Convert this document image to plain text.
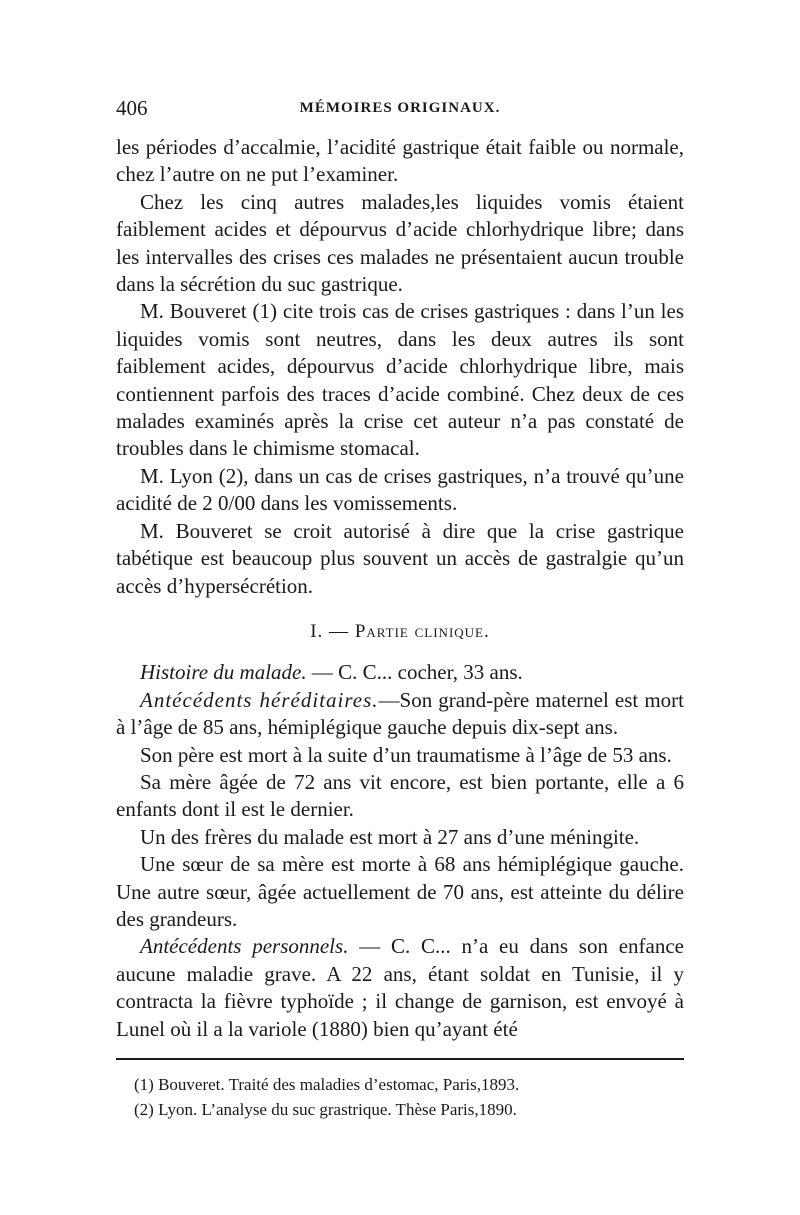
406	MÉMOIRES ORIGINAUX.

les périodes d’accalmie, l’acidité gastrique était faible ou normale, chez l’autre on ne put l’examiner.

Chez les cinq autres malades,les liquides vomis étaient faiblement acides et dépourvus d’acide chlorhydrique libre; dans les intervalles des crises ces malades ne présentaient aucun trouble dans la sécrétion du suc gastrique.

M. Bouveret (1) cite trois cas de crises gastriques : dans l’un les liquides vomis sont neutres, dans les deux autres ils sont faiblement acides, dépourvus d’acide chlorhydrique libre, mais contiennent parfois des traces d’acide combiné. Chez deux de ces malades examinés après la crise cet auteur n’a pas constaté de troubles dans le chimisme stomacal.

M. Lyon (2), dans un cas de crises gastriques, n’a trouvé qu’une acidité de 2 0/00 dans les vomissements.

M. Bouveret se croit autorisé à dire que la crise gastrique tabétique est beaucoup plus souvent un accès de gastralgie qu’un accès d’hypersécrétion.

I. — Partie clinique.

Histoire du malade. — C. C... cocher, 33 ans.

Antécédents héréditaires.—Son grand-père maternel est mort à l’âge de 85 ans, hémiplégique gauche depuis dix-sept ans.

Son père est mort à la suite d’un traumatisme à l’âge de 53 ans.

Sa mère âgée de 72 ans vit encore, est bien portante, elle a 6 enfants dont il est le dernier.

Un des frères du malade est mort à 27 ans d’une méningite.

Une sœur de sa mère est morte à 68 ans hémiplégique gauche. Une autre sœur, âgée actuellement de 70 ans, est atteinte du délire des grandeurs.

Antécédents personnels. — C. C... n’a eu dans son enfance aucune maladie grave. A 22 ans, étant soldat en Tunisie, il y contracta la fièvre typhoïde ; il change de garnison, est envoyé à Lunel où il a la variole (1880) bien qu’ayant été

(1) Bouveret. Traité des maladies d’estomac, Paris,1893.

(2) Lyon. L’analyse du suc grastrique. Thèse Paris,1890.
